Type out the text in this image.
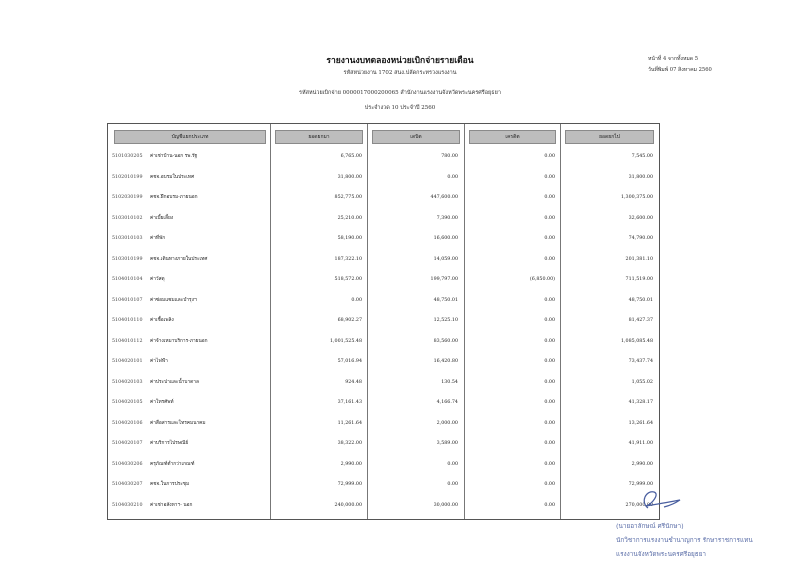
รายงานงบทดลองหน่วยเบิกจ่ายรายเดือน
รหัสหน่วยงาน 1702 สนง.ปลัดกระทรวงแรงงาน
รหัสหน่วยเบิกจ่าย 0000017000200065 สำนักงานแรงงานจังหวัดพระนครศรีอยุธยา
ประจำงวด 10 ประจำปี 2560
หน้าที่ 4 จากทั้งหมด 5
วันที่พิมพ์ 07 สิงหาคม 2560
บัญชีแยกประเภท	ยอดยกมา	เดบิต	เครดิต	ยอดยกไป
5101030205 ค่าเช่าบ้าน-นอก รพ.รัฐ	6,765.00	780.00	0.00	7,545.00
5102010199 คชจ.อบรมในประเทศ	31,800.00	0.00	0.00	31,800.00
5102030199 คชจ.ฝึกอบรม-ภายนอก	852,775.00	447,600.00	0.00	1,300,375.00
5103010102 ค่าเบี้ยเลี้ยง	25,210.00	7,390.00	0.00	32,600.00
5103010103 ค่าที่พัก	58,190.00	16,600.00	0.00	74,790.00
5103010199 คชจ.เดินทางภายในประเทศ	187,322.10	14,059.00	0.00	201,381.10
5104010104 ค่าวัสดุ	518,572.00	199,797.00	(6,850.00)	711,519.00
5104010107 ค่าซ่อมแซมและบำรุงฯ	0.00	48,750.01	0.00	48,750.01
5104010110 ค่าเชื้อเพลิง	68,902.27	12,525.10	0.00	81,427.37
5104010112 ค่าจ้างเหมาบริการ-ภายนอก	1,001,525.48	83,560.00	0.00	1,085,085.48
5104020101 ค่าไฟฟ้า	57,016.94	16,420.80	0.00	73,437.74
5104020103 ค่าประปาและน้ำบาดาล	924.48	130.54	0.00	1,055.02
5104020105 ค่าโทรศัพท์	37,161.43	4,166.74	0.00	41,328.17
5104020106 ค่าสื่อสารและโทรคมนาคม	11,261.64	2,000.00	0.00	13,261.64
5104020107 ค่าบริการไปรษณีย์	38,322.00	3,589.00	0.00	41,911.00
5104030206 ครุภัณฑ์ต่ำกว่าเกณฑ์	2,990.00	0.00	0.00	2,990.00
5104030207 คชจ.ในการประชุม	72,999.00	0.00	0.00	72,999.00
5104030210 ค่าเช่าอสังหาฯ- นอก	240,000.00	30,000.00	0.00	270,000.00
(นายอาลักษณ์ ศรีนักษา)
นักวิชาการแรงงานชำนาญการ รักษาราชการแทน
แรงงานจังหวัดพระนครศรีอยุธยา
